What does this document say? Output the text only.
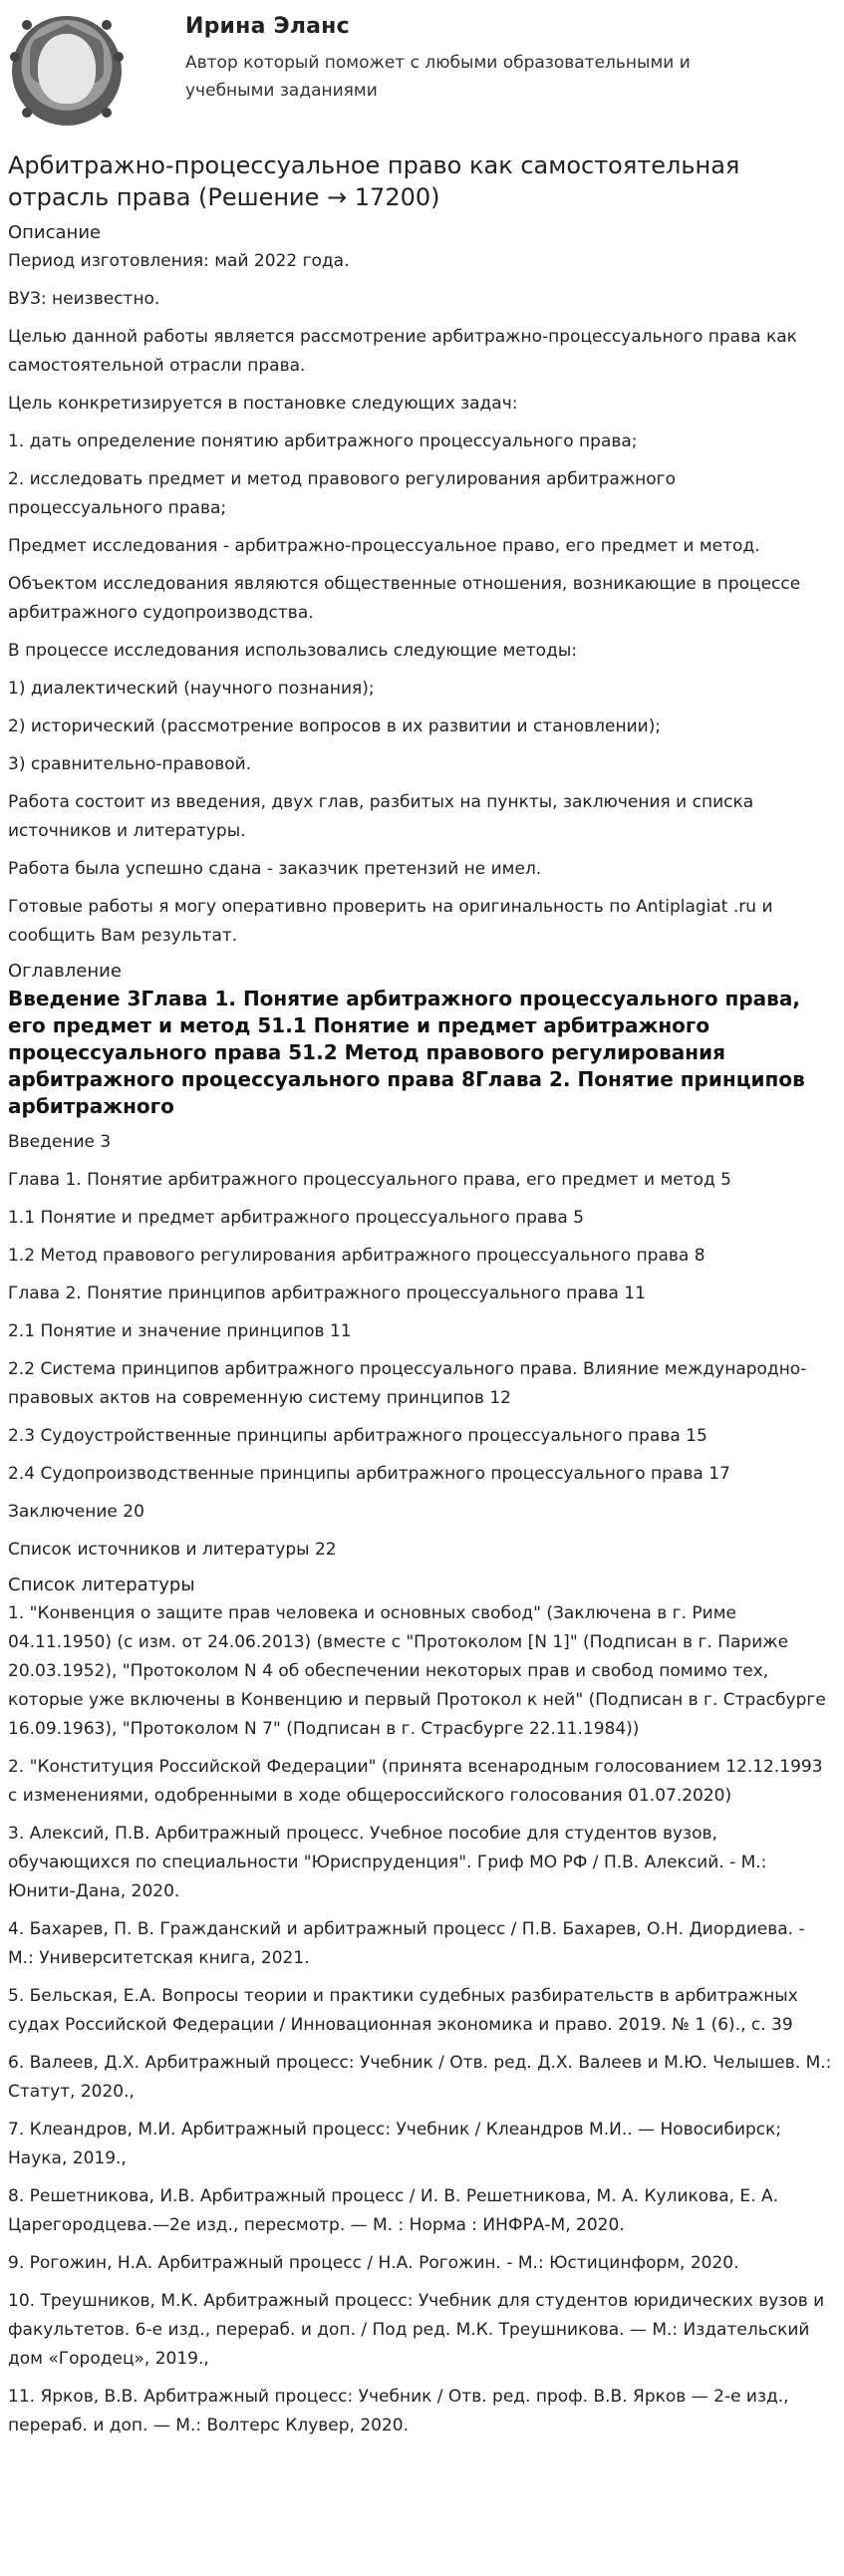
Ирина Эланс
Автор который поможет с любыми образовательными и учебными заданиями
Арбитражно-процессуальное право как самостоятельная отрасль права (Решение → 17200)
Описание

Период изготовления: май 2022 года.

ВУЗ: неизвестно.

Целью данной работы является рассмотрение арбитражно-процессуального права как самостоятельной отрасли права.

Цель конкретизируется в постановке следующих задач:

1. дать определение понятию арбитражного процессуального права;

2. исследовать предмет и метод правового регулирования арбитражного процессуального права;

Предмет исследования - арбитражно-процессуальное право, его предмет и метод.

Объектом исследования являются общественные отношения, возникающие в процессе арбитражного судопроизводства.

В процессе исследования использовались следующие методы:

1) диалектический (научного познания);

2) исторический (рассмотрение вопросов в их развитии и становлении);

3) сравнительно-правовой.

Работа состоит из введения, двух глав, разбитых на пункты, заключения и списка источников и литературы.

Работа была успешно сдана - заказчик претензий не имел.

Готовые работы я могу оперативно проверить на оригинальность по Antiplagiat .ru и сообщить Вам результат.

Оглавление
Введение 3Глава 1. Понятие арбитражного процессуального права, его предмет и метод 51.1 Понятие и предмет арбитражного процессуального права 51.2 Метод правового регулирования арбитражного процессуального права 8Глава 2. Понятие принципов арбитражного

Введение 3

Глава 1. Понятие арбитражного процессуального права, его предмет и метод 5

1.1 Понятие и предмет арбитражного процессуального права 5

1.2 Метод правового регулирования арбитражного процессуального права 8

Глава 2. Понятие принципов арбитражного процессуального права 11

2.1 Понятие и значение принципов 11

2.2 Система принципов арбитражного процессуального права. Влияние международно-правовых актов на современную систему принципов 12

2.3 Судоустройственные принципы арбитражного процессуального права 15

2.4 Судопроизводственные принципы арбитражного процессуального права 17

Заключение 20

Список источников и литературы 22

Список литературы

1. "Конвенция о защите прав человека и основных свобод" (Заключена в г. Риме 04.11.1950) (с изм. от 24.06.2013) (вместе с "Протоколом [N 1]" (Подписан в г. Париже 20.03.1952), "Протоколом N 4 об обеспечении некоторых прав и свобод помимо тех, которые уже включены в Конвенцию и первый Протокол к ней" (Подписан в г. Страсбурге 16.09.1963), "Протоколом N 7" (Подписан в г. Страсбурге 22.11.1984))

2. "Конституция Российской Федерации" (принята всенародным голосованием 12.12.1993 с изменениями, одобренными в ходе общероссийского голосования 01.07.2020)

3. Алексий, П.В. Арбитражный процесс. Учебное пособие для студентов вузов, обучающихся по специальности "Юриспруденция". Гриф МО РФ / П.В. Алексий. - М.: Юнити-Дана, 2020.

4. Бахарев, П. В. Гражданский и арбитражный процесс / П.В. Бахарев, О.Н. Диордиева. - М.: Университетская книга, 2021.

5. Бельская, Е.А. Вопросы теории и практики судебных разбирательств в арбитражных судах Российской Федерации / Инновационная экономика и право. 2019. № 1 (6)., с. 39

6. Валеев, Д.Х. Арбитражный процесс: Учебник / Отв. ред. Д.Х. Валеев и М.Ю. Челышев. М.: Статут, 2020.,

7. Клеандров, М.И. Арбитражный процесс: Учебник / Клеандров М.И.. — Новосибирск; Наука, 2019.,

8. Решетникова, И.В. Арбитражный процесс / И. В. Решетникова, М. А. Куликова, Е. А. Царегородцева.—2е изд., пересмотр. — М. : Норма : ИНФРА-М, 2020.

9. Рогожин, Н.А. Арбитражный процесс / Н.А. Рогожин. - М.: Юстицинформ, 2020.

10. Треушников, М.К. Арбитражный процесс: Учебник для студентов юридических вузов и факультетов. 6-е изд., перераб. и доп. / Под ред. М.К. Треушникова. — М.: Издательский дом «Городец», 2019.,

11. Ярков, В.В. Арбитражный процесс: Учебник / Отв. ред. проф. В.В. Ярков — 2-е изд., перераб. и доп. — М.: Волтерс Клувер, 2020.
